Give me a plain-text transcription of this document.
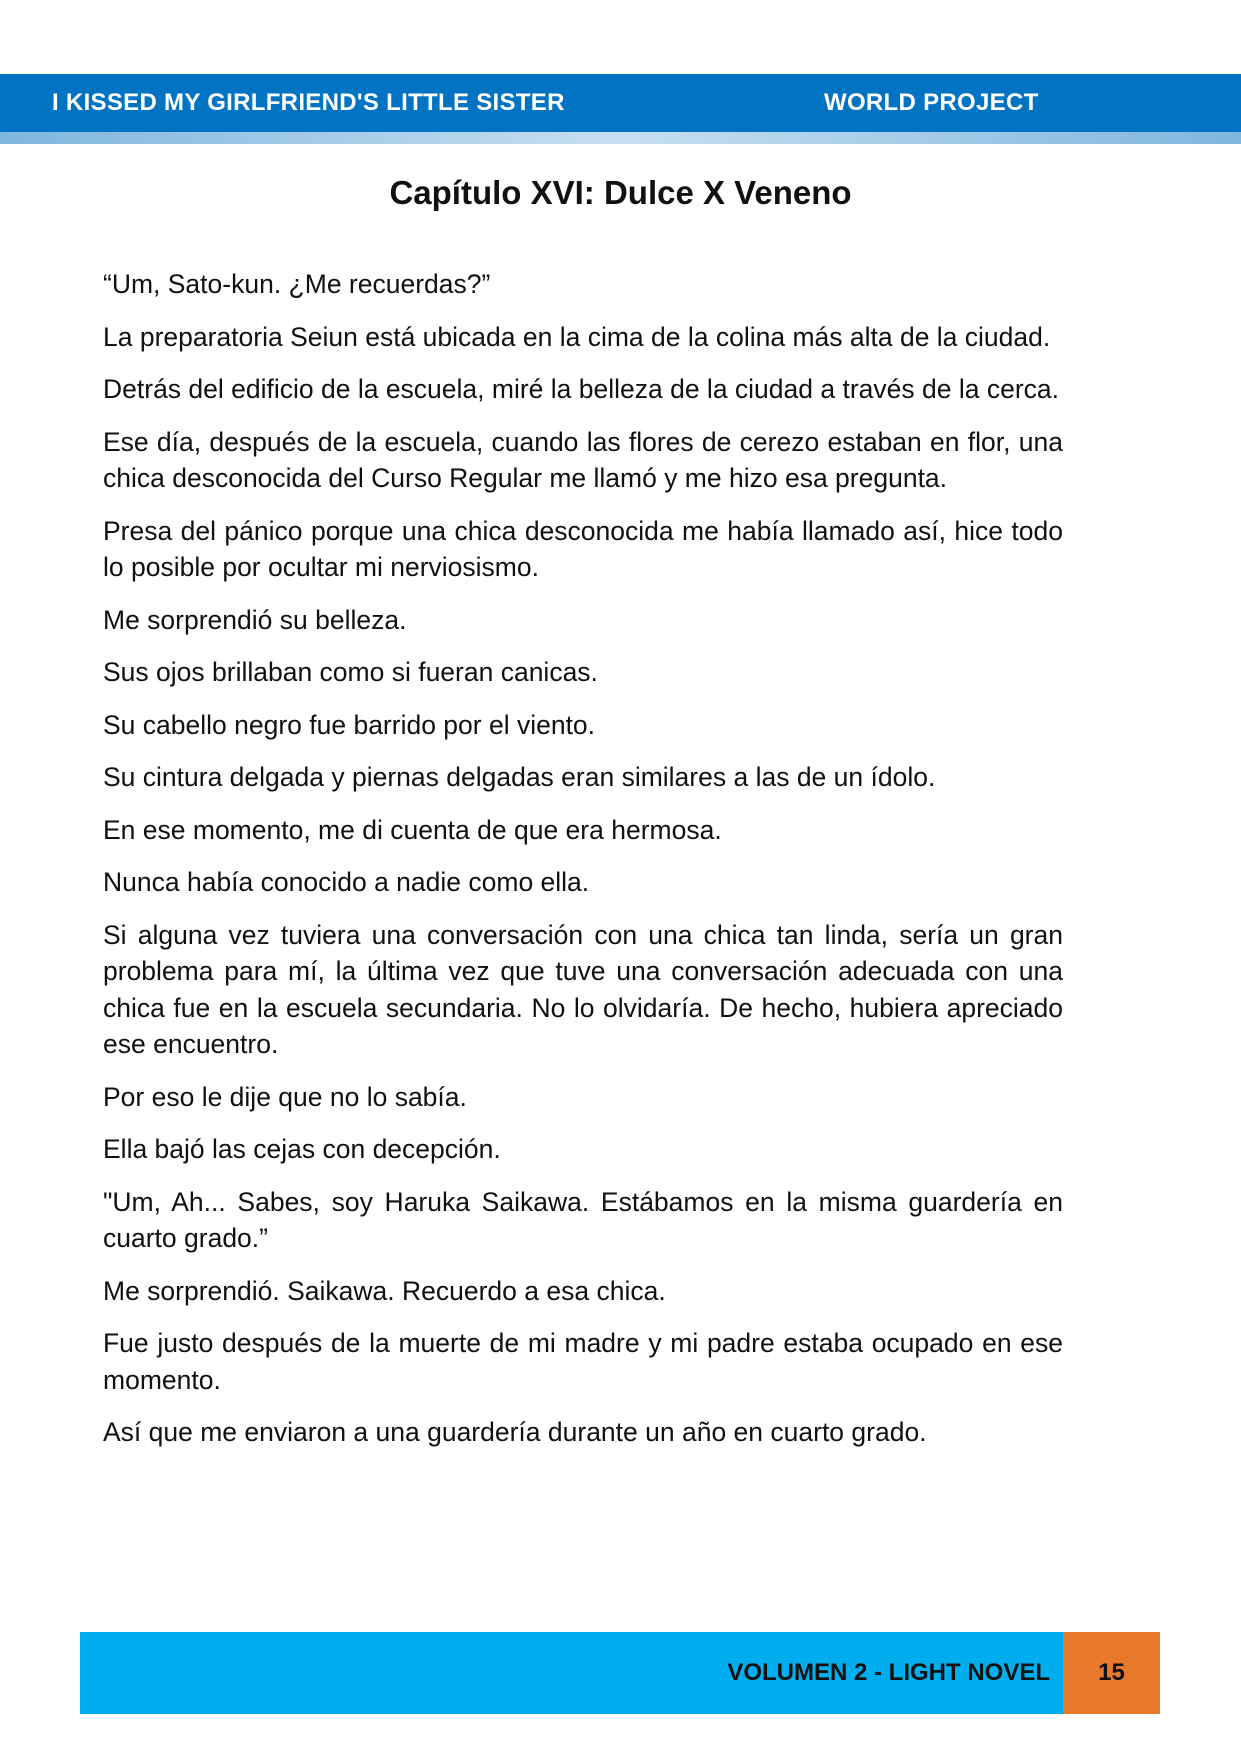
I KISSED MY GIRLFRIEND'S LITTLE SISTER	WORLD PROJECT
Capítulo XVI: Dulce X Veneno

“Um, Sato-kun. ¿Me recuerdas?”

La preparatoria Seiun está ubicada en la cima de la colina más alta de la ciudad.

Detrás del edificio de la escuela, miré la belleza de la ciudad a través de la cerca.

Ese día, después de la escuela, cuando las flores de cerezo estaban en flor, una chica desconocida del Curso Regular me llamó y me hizo esa pregunta.

Presa del pánico porque una chica desconocida me había llamado así, hice todo lo posible por ocultar mi nerviosismo.

Me sorprendió su belleza.

Sus ojos brillaban como si fueran canicas.

Su cabello negro fue barrido por el viento.

Su cintura delgada y piernas delgadas eran similares a las de un ídolo.

En ese momento, me di cuenta de que era hermosa.

Nunca había conocido a nadie como ella.

Si alguna vez tuviera una conversación con una chica tan linda, sería un gran problema para mí, la última vez que tuve una conversación adecuada con una chica fue en la escuela secundaria. No lo olvidaría. De hecho, hubiera apreciado ese encuentro.

Por eso le dije que no lo sabía.

Ella bajó las cejas con decepción.

"Um, Ah... Sabes, soy Haruka Saikawa. Estábamos en la misma guardería en cuarto grado.”

Me sorprendió. Saikawa. Recuerdo a esa chica.

Fue justo después de la muerte de mi madre y mi padre estaba ocupado en ese momento.

Así que me enviaron a una guardería durante un año en cuarto grado.

VOLUMEN 2 - LIGHT NOVEL	15
